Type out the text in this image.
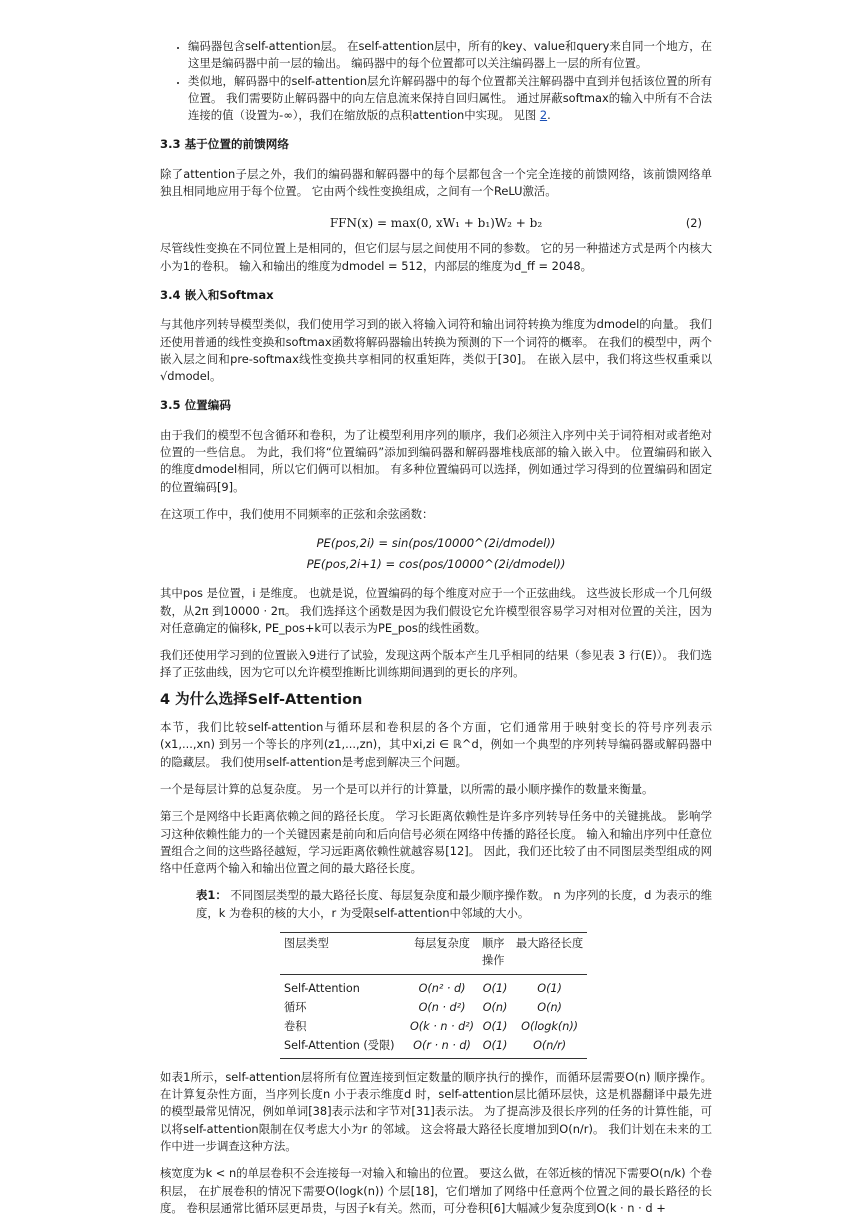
• 编码器包含self-attention层。 在self-attention层中，所有的key、value和query来自同一个地方，在这里是编码器中前一层的输出。 编码器中的每个位置都可以关注编码器上一层的所有位置。
• 类似地，解码器中的self-attention层允许解码器中的每个位置都关注解码器中直到并包括该位置的所有位置。 我们需要防止解码器中的向左信息流来保持自回归属性。 通过屏蔽softmax的输入中所有不合法连接的值（设置为-∞），我们在缩放版的点积attention中实现。 见图 2.
3.3 基于位置的前馈网络

除了attention子层之外，我们的编码器和解码器中的每个层都包含一个完全连接的前馈网络，该前馈网络单独且相同地应用于每个位置。 它由两个线性变换组成，之间有一个ReLU激活。

FFN(x) = max(0, xW₁ + b₁)W₂ + b₂	(2)

尽管线性变换在不同位置上是相同的，但它们层与层之间使用不同的参数。 它的另一种描述方式是两个内核大小为1的卷积。 输入和输出的维度为dmodel = 512，内部层的维度为d_ff = 2048。

3.4 嵌入和Softmax

与其他序列转导模型类似，我们使用学习到的嵌入将输入词符和输出词符转换为维度为dmodel的向量。 我们还使用普通的线性变换和softmax函数将解码器输出转换为预测的下一个词符的概率。 在我们的模型中，两个嵌入层之间和pre-softmax线性变换共享相同的权重矩阵，类似于[30]。 在嵌入层中，我们将这些权重乘以 √dmodel。

3.5 位置编码

由于我们的模型不包含循环和卷积，为了让模型利用序列的顺序，我们必须注入序列中关于词符相对或者绝对位置的一些信息。 为此，我们将“位置编码”添加到编码器和解码器堆栈底部的输入嵌入中。 位置编码和嵌入的维度dmodel相同，所以它们俩可以相加。 有多种位置编码可以选择，例如通过学习得到的位置编码和固定的位置编码[9]。

在这项工作中，我们使用不同频率的正弦和余弦函数：

PE(pos,2i) = sin(pos/10000^(2i/dmodel))
PE(pos,2i+1) = cos(pos/10000^(2i/dmodel))

其中pos 是位置，i 是维度。 也就是说，位置编码的每个维度对应于一个正弦曲线。 这些波长形成一个几何级数，从2π 到10000 · 2π。 我们选择这个函数是因为我们假设它允许模型很容易学习对相对位置的关注，因为对任意确定的偏移k, PE_pos+k可以表示为PE_pos的线性函数。

我们还使用学习到的位置嵌入9进行了试验，发现这两个版本产生几乎相同的结果（参见表 3 行(E)）。 我们选择了正弦曲线，因为它可以允许模型推断比训练期间遇到的更长的序列。

4 为什么选择Self-Attention

本节，我们比较self-attention与循环层和卷积层的各个方面，它们通常用于映射变长的符号序列表示(x1,...,xn) 到另一个等长的序列(z1,...,zn)，其中xi,zi ∈ ℝ^d，例如一个典型的序列转导编码器或解码器中的隐藏层。 我们使用self-attention是考虑到解决三个问题。

一个是每层计算的总复杂度。 另一个是可以并行的计算量，以所需的最小顺序操作的数量来衡量。

第三个是网络中长距离依赖之间的路径长度。 学习长距离依赖性是许多序列转导任务中的关键挑战。 影响学习这种依赖性能力的一个关键因素是前向和后向信号必须在网络中传播的路径长度。 输入和输出序列中任意位置组合之间的这些路径越短，学习远距离依赖性就越容易[12]。 因此，我们还比较了由不同图层类型组成的网络中任意两个输入和输出位置之间的最大路径长度。

表1： 不同图层类型的最大路径长度、每层复杂度和最少顺序操作数。 n 为序列的长度，d 为表示的维度，k 为卷积的核的大小，r 为受限self-attention中邻域的大小。
图层类型	每层复杂度	顺序操作	最大路径长度
Self-Attention	O(n² · d)	O(1)	O(1)
循环	O(n · d²)	O(n)	O(n)
卷积	O(k · n · d²)	O(1)	O(logk(n))
Self-Attention (受限)	O(r · n · d)	O(1)	O(n/r)

如表1所示，self-attention层将所有位置连接到恒定数量的顺序执行的操作，而循环层需要O(n) 顺序操作。 在计算复杂性方面，当序列长度n 小于表示维度d 时，self-attention层比循环层快，这是机器翻译中最先进的模型最常见情况，例如单词[38]表示法和字节对[31]表示法。 为了提高涉及很长序列的任务的计算性能，可以将self-attention限制在仅考虑大小为r 的邻域。 这会将最大路径长度增加到O(n/r)。 我们计划在未来的工作中进一步调查这种方法。

核宽度为k < n的单层卷积不会连接每一对输入和输出的位置。 要这么做，在邻近核的情况下需要O(n/k) 个卷积层， 在扩展卷积的情况下需要O(logk(n)) 个层[18]，它们增加了网络中任意两个位置之间的最长路径的长度。 卷积层通常比循环层更昂贵，与因子k有关。然而，可分卷积[6]大幅减少复杂度到O(k · n · d +
